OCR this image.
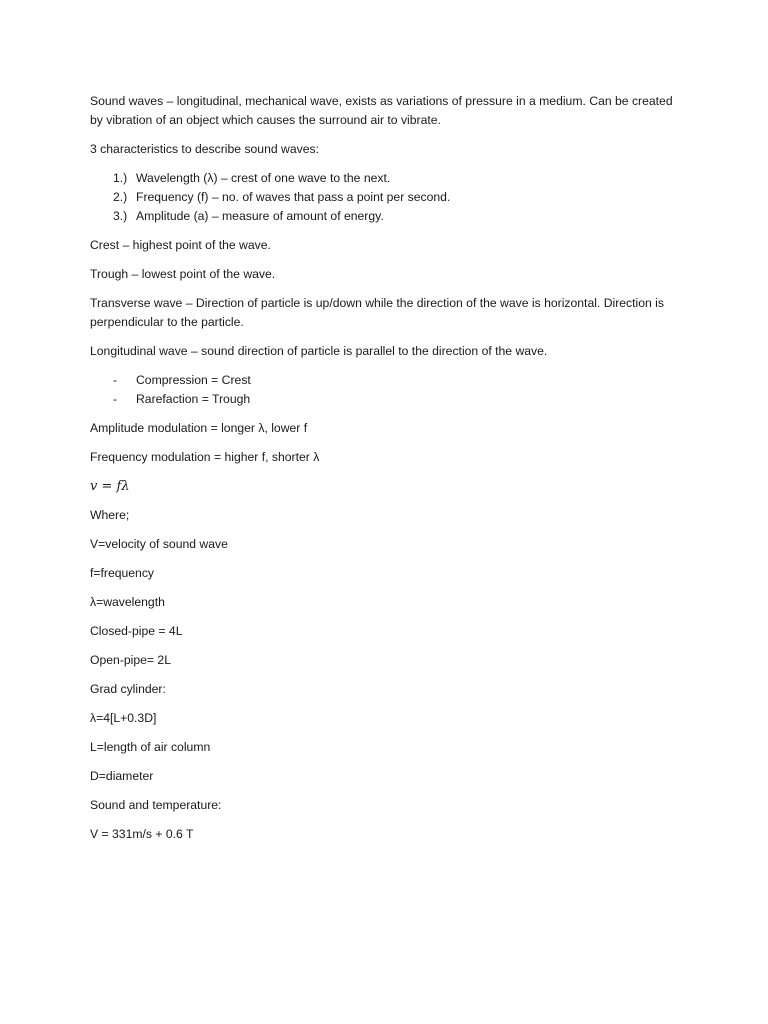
Sound waves – longitudinal, mechanical wave, exists as variations of pressure in a medium. Can be created by vibration of an object which causes the surround air to vibrate.

3 characteristics to describe sound waves:

1.) Wavelength (λ) – crest of one wave to the next.
2.) Frequency (f) – no. of waves that pass a point per second.
3.) Amplitude (a) – measure of amount of energy.

Crest – highest point of the wave.

Trough – lowest point of the wave.

Transverse wave – Direction of particle is up/down while the direction of the wave is horizontal. Direction is perpendicular to the particle.

Longitudinal wave – sound direction of particle is parallel to the direction of the wave.

- Compression = Crest
- Rarefaction = Trough

Amplitude modulation = longer λ, lower f

Frequency modulation = higher f, shorter λ

v = fλ

Where;

V=velocity of sound wave

f=frequency

λ=wavelength

Closed-pipe = 4L

Open-pipe= 2L

Grad cylinder:

λ=4[L+0.3D]

L=length of air column

D=diameter

Sound and temperature:

V = 331m/s + 0.6 T
